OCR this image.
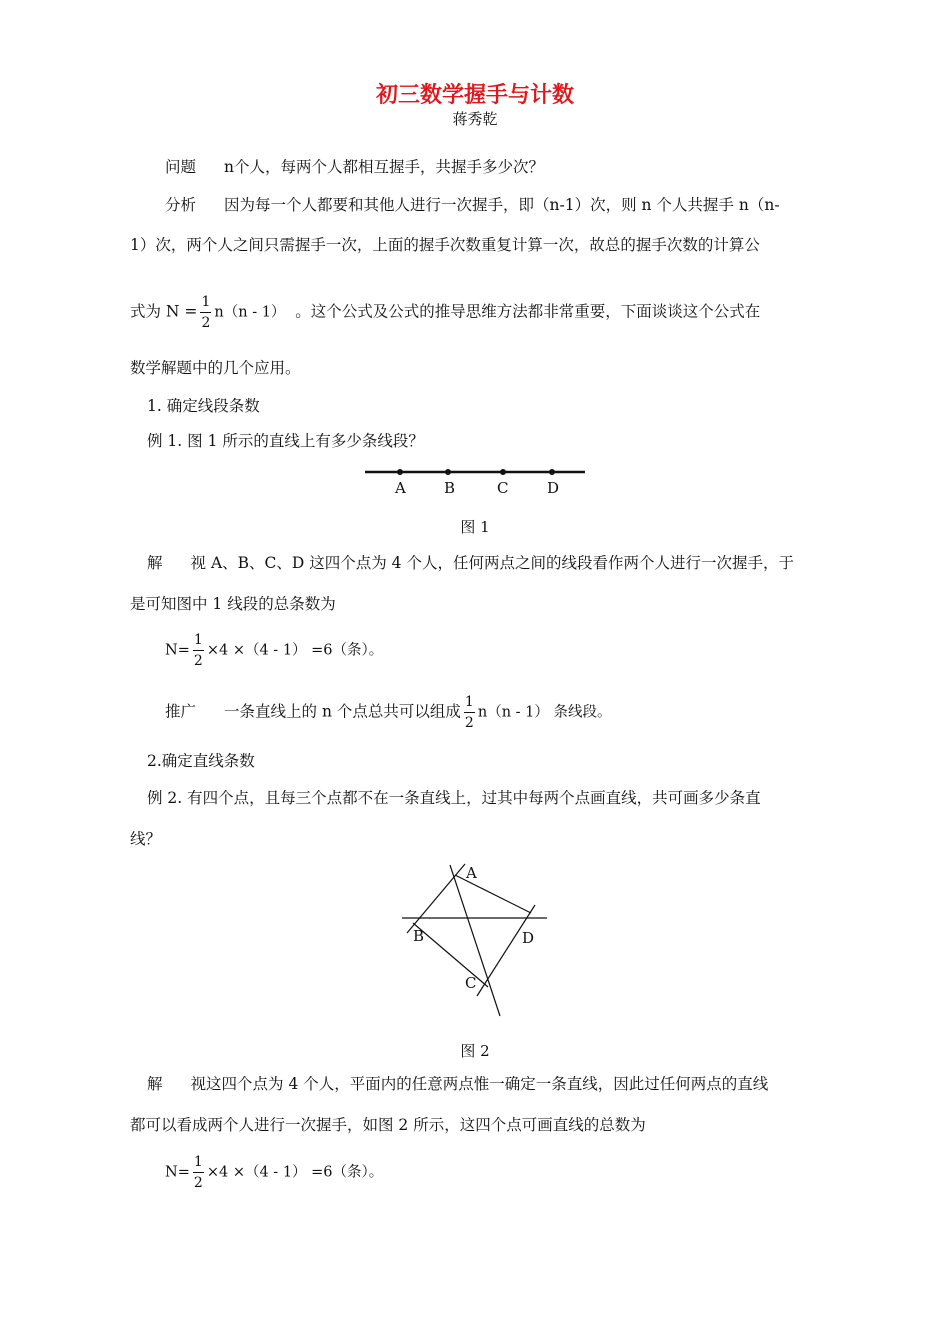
初三数学握手与计数
蒋秀乾
问题 n个人，每两个人都相互握手，共握手多少次？
分析 因为每一个人都要和其他人进行一次握手，即（n-1）次，则 n 个人共握手 n（n-
1）次，两个人之间只需握手一次，上面的握手次数重复计算一次，故总的握手次数的计算公
式为 $N = \frac{1}{2} n(n - 1)$ 。这个公式及公式的推导思维方法都非常重要，下面谈谈这个公式在
数学解题中的几个应用。
1. 确定线段条数
例 1. 图 1 所示的直线上有多少条线段？
A	B	C	D
图 1
解 视 A、B、C、D 这四个点为 4 个人，任何两点之间的线段看作两个人进行一次握手，于
是可知图中 1 线段的总条数为
$N= \frac{1}{2} \times 4 \times(4 - 1) =6$（条）。
推广 一条直线上的 n 个点总共可以组成 $\frac{1}{2} n(n - 1)$ 条线段。
2.确定直线条数
例 2. 有四个点，且每三个点都不在一条直线上，过其中每两个点画直线，共可画多少条直
线？
A
B
C
D
图 2
解 视这四个点为 4 个人，平面内的任意两点惟一确定一条直线，因此过任何两点的直线
都可以看成两个人进行一次握手，如图 2 所示，这四个点可画直线的总数为
$N= \frac{1}{2} \times 4 \times(4 - 1) =6$（条）。
